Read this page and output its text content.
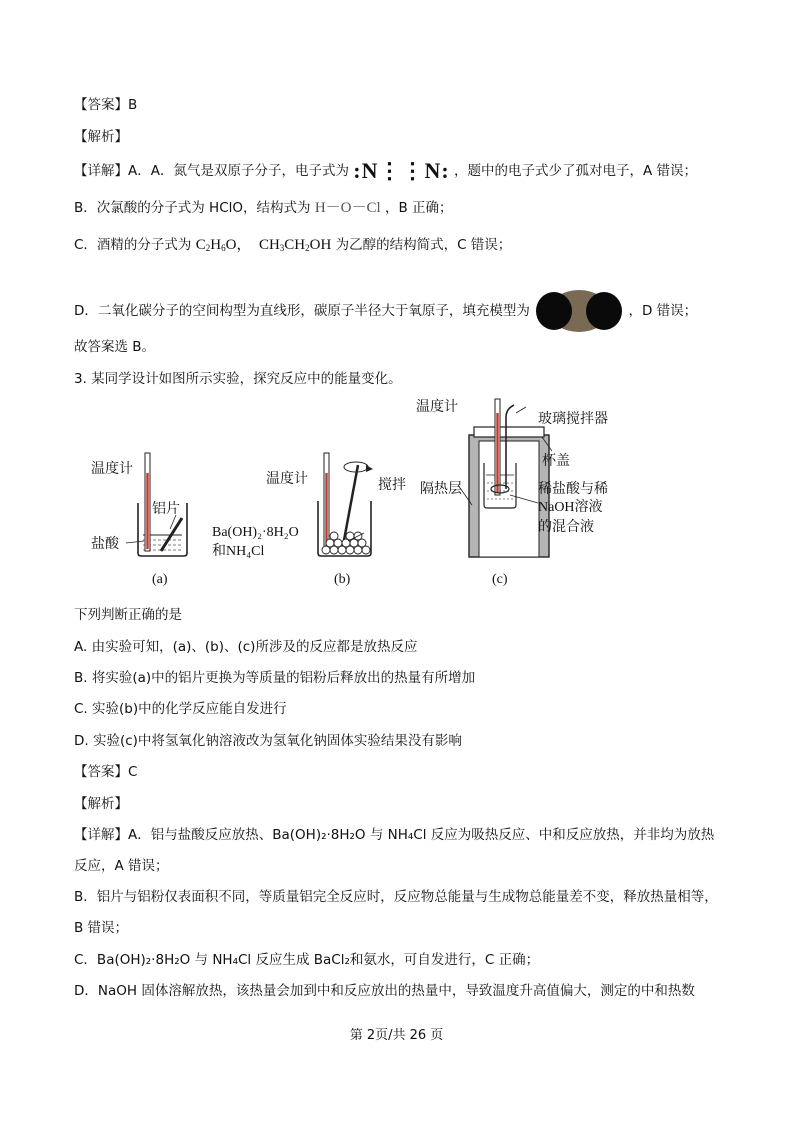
【答案】B
【解析】
【详解】A．A．氮气是双原子分子，电子式为 :N⋮⋮N: ，题中的电子式少了孤对电子，A 错误；
B．次氯酸的分子式为 HClO，结构式为 H－O－Cl ，B 正确；
C．酒精的分子式为 $C_2H_6O$， $CH_3CH_2OH$ 为乙醇的结构简式，C 错误；
D．二氧化碳分子的空间构型为直线形，碳原子半径大于氧原子，填充模型为	，D 错误；
故答案选 B。
3. 某同学设计如图所示实验，探究反应中的能量变化。
温度计
铝片
盐酸
(a)
温度计	搅拌
Ba(OH)₂·8H₂O
和NH₄Cl
(b)
温度计
玻璃搅拌器
杯盖
隔热层	稀盐酸与稀
NaOH溶液
的混合液
(c)
下列判断正确的是
A. 由实验可知，(a)、(b)、(c)所涉及的反应都是放热反应
B. 将实验(a)中的铝片更换为等质量的铝粉后释放出的热量有所增加
C. 实验(b)中的化学反应能自发进行
D. 实验(c)中将氢氧化钠溶液改为氢氧化钠固体实验结果没有影响
【答案】C
【解析】
【详解】A．铝与盐酸反应放热、Ba(OH)₂·8H₂O 与 NH₄Cl 反应为吸热反应、中和反应放热，并非均为放热
反应，A 错误；
B．铝片与铝粉仅表面积不同，等质量铝完全反应时，反应物总能量与生成物总能量差不变，释放热量相等，
B 错误；
C．Ba(OH)₂·8H₂O 与 NH₄Cl 反应生成 BaCl₂和氨水，可自发进行，C 正确；
D．NaOH 固体溶解放热，该热量会加到中和反应放出的热量中，导致温度升高值偏大，测定的中和热数
第 2页/共 26 页
